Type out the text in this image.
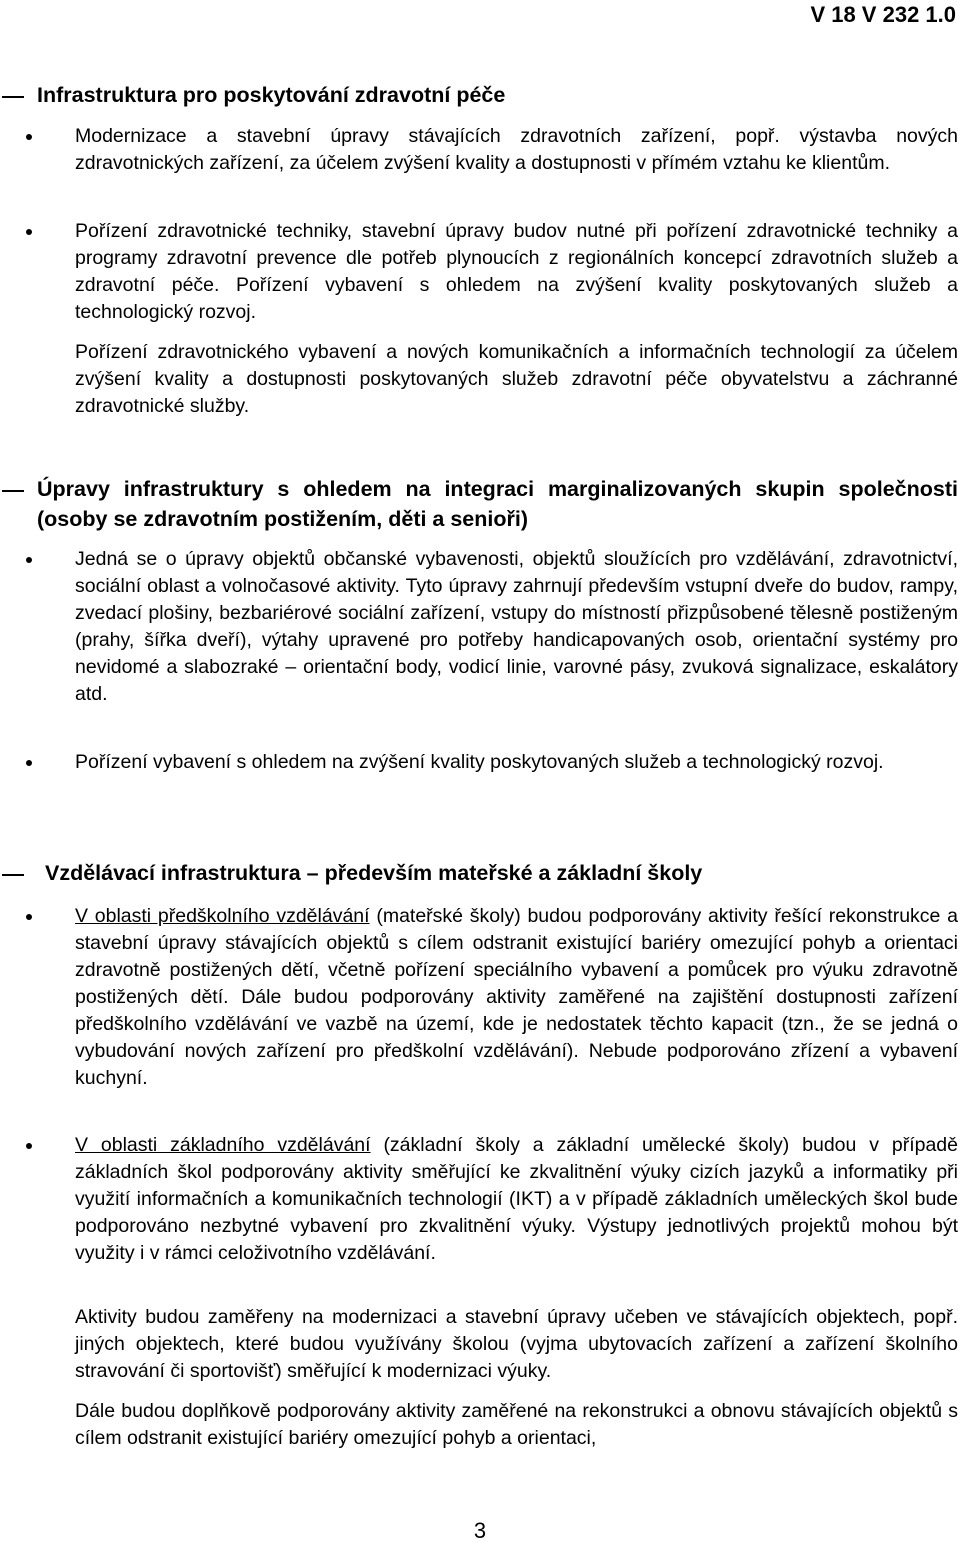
V 18 V 232 1.0
Infrastruktura pro poskytování zdravotní péče
Modernizace a stavební úpravy stávajících zdravotních zařízení, popř. výstavba nových zdravotnických zařízení, za účelem zvýšení kvality a dostupnosti v přímém vztahu ke klientům.
Pořízení zdravotnické techniky, stavební úpravy budov nutné při pořízení zdravotnické techniky a programy zdravotní prevence dle potřeb plynoucích z regionálních koncepcí zdravotních služeb a zdravotní péče. Pořízení vybavení s ohledem na zvýšení kvality poskytovaných služeb a technologický rozvoj.
Pořízení zdravotnického vybavení a nových komunikačních a informačních technologií za účelem zvýšení kvality a dostupnosti poskytovaných služeb zdravotní péče obyvatelstvu a záchranné zdravotnické služby.
Úpravy infrastruktury s ohledem na integraci marginalizovaných skupin společnosti (osoby se zdravotním postižením, děti a senioři)
Jedná se o úpravy objektů občanské vybavenosti, objektů sloužících pro vzdělávání, zdravotnictví, sociální oblast a volnočasové aktivity. Tyto úpravy zahrnují především vstupní dveře do budov, rampy, zvedací plošiny, bezbariérové sociální zařízení, vstupy do místností přizpůsobené tělesně postiženým (prahy, šířka dveří), výtahy upravené pro potřeby handicapovaných osob, orientační systémy pro nevidomé a slabozraké – orientační body, vodicí linie, varovné pásy, zvuková signalizace, eskalátory atd.
Pořízení vybavení s ohledem na zvýšení kvality poskytovaných služeb a technologický rozvoj.
Vzdělávací infrastruktura – především mateřské a základní školy
V oblasti předškolního vzdělávání (mateřské školy) budou podporovány aktivity řešící rekonstrukce a stavební úpravy stávajících objektů s cílem odstranit existující bariéry omezující pohyb a orientaci zdravotně postižených dětí, včetně pořízení speciálního vybavení a pomůcek pro výuku zdravotně postižených dětí. Dále budou podporovány aktivity zaměřené na zajištění dostupnosti zařízení předškolního vzdělávání ve vazbě na území, kde je nedostatek těchto kapacit (tzn., že se jedná o vybudování nových zařízení pro předškolní vzdělávání). Nebude podporováno zřízení a vybavení kuchyní.
V oblasti základního vzdělávání (základní školy a základní umělecké školy) budou v případě základních škol podporovány aktivity směřující ke zkvalitnění výuky cizích jazyků a informatiky při využití informačních a komunikačních technologií (IKT) a v případě základních uměleckých škol bude podporováno nezbytné vybavení pro zkvalitnění výuky. Výstupy jednotlivých projektů mohou být využity i v rámci celoživotního vzdělávání.
Aktivity budou zaměřeny na modernizaci a stavební úpravy učeben ve stávajících objektech, popř. jiných objektech, které budou využívány školou (vyjma ubytovacích zařízení a zařízení školního stravování či sportovišť) směřující k modernizaci výuky.
Dále budou doplňkově podporovány aktivity zaměřené na rekonstrukci a obnovu stávajících objektů s cílem odstranit existující bariéry omezující pohyb a orientaci,
3
